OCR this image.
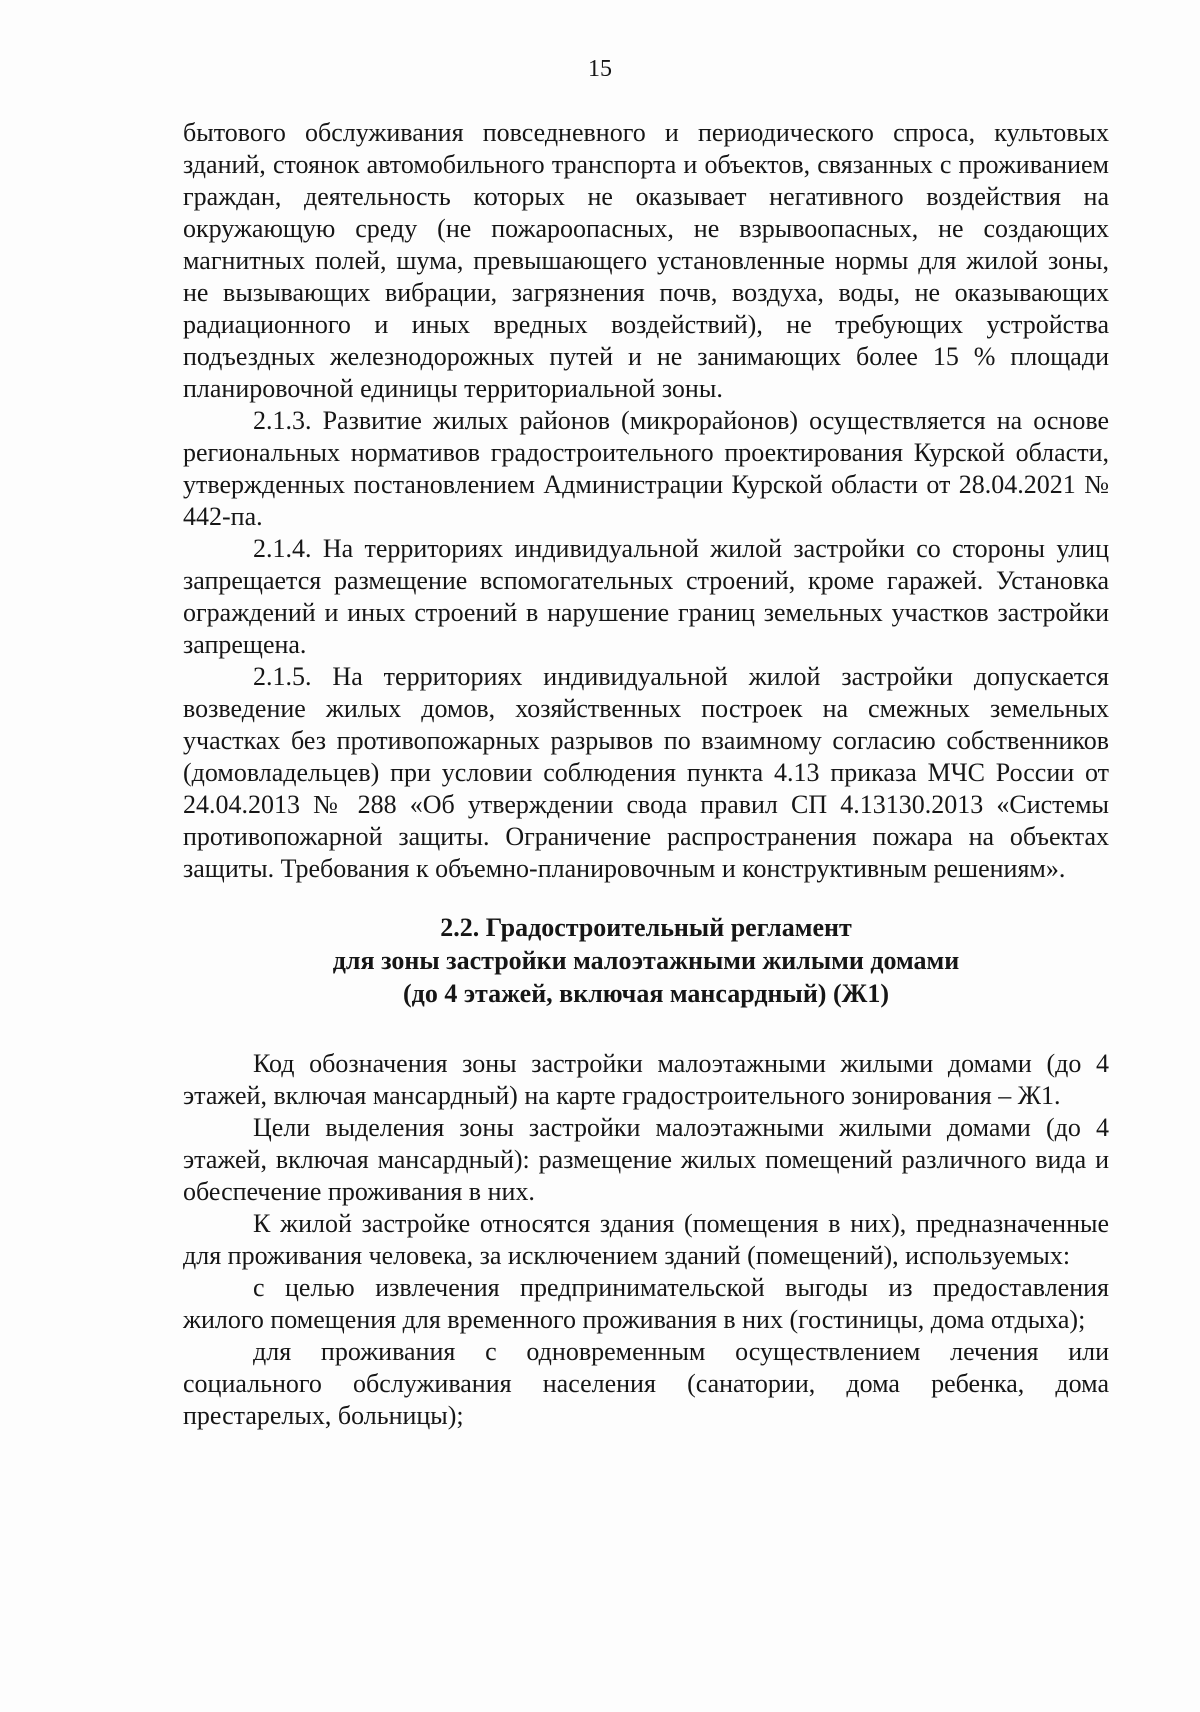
15

бытового обслуживания повседневного и периодического спроса, культовых зданий, стоянок автомобильного транспорта и объектов, связанных с проживанием граждан, деятельность которых не оказывает негативного воздействия на окружающую среду (не пожароопасных, не взрывоопасных, не создающих магнитных полей, шума, превышающего установленные нормы для жилой зоны, не вызывающих вибрации, загрязнения почв, воздуха, воды, не оказывающих радиационного и иных вредных воздействий), не требующих устройства подъездных железнодорожных путей и не занимающих более 15 % площади планировочной единицы территориальной зоны.

2.1.3. Развитие жилых районов (микрорайонов) осуществляется на основе региональных нормативов градостроительного проектирования Курской области, утвержденных постановлением Администрации Курской области от 28.04.2021 № 442-па.

2.1.4. На территориях индивидуальной жилой застройки со стороны улиц запрещается размещение вспомогательных строений, кроме гаражей. Установка ограждений и иных строений в нарушение границ земельных участков застройки запрещена.

2.1.5. На территориях индивидуальной жилой застройки допускается возведение жилых домов, хозяйственных построек на смежных земельных участках без противопожарных разрывов по взаимному согласию собственников (домовладельцев) при условии соблюдения пункта 4.13 приказа МЧС России от 24.04.2013 № 288 «Об утверждении свода правил СП 4.13130.2013 «Системы противопожарной защиты. Ограничение распространения пожара на объектах защиты. Требования к объемно-планировочным и конструктивным решениям».

2.2. Градостроительный регламент
для зоны застройки малоэтажными жилыми домами
(до 4 этажей, включая мансардный) (Ж1)

Код обозначения зоны застройки малоэтажными жилыми домами (до 4 этажей, включая мансардный) на карте градостроительного зонирования – Ж1.

Цели выделения зоны застройки малоэтажными жилыми домами (до 4 этажей, включая мансардный): размещение жилых помещений различного вида и обеспечение проживания в них.

К жилой застройке относятся здания (помещения в них), предназначенные для проживания человека, за исключением зданий (помещений), используемых:

с целью извлечения предпринимательской выгоды из предоставления жилого помещения для временного проживания в них (гостиницы, дома отдыха);

для проживания с одновременным осуществлением лечения или социального обслуживания населения (санатории, дома ребенка, дома престарелых, больницы);
